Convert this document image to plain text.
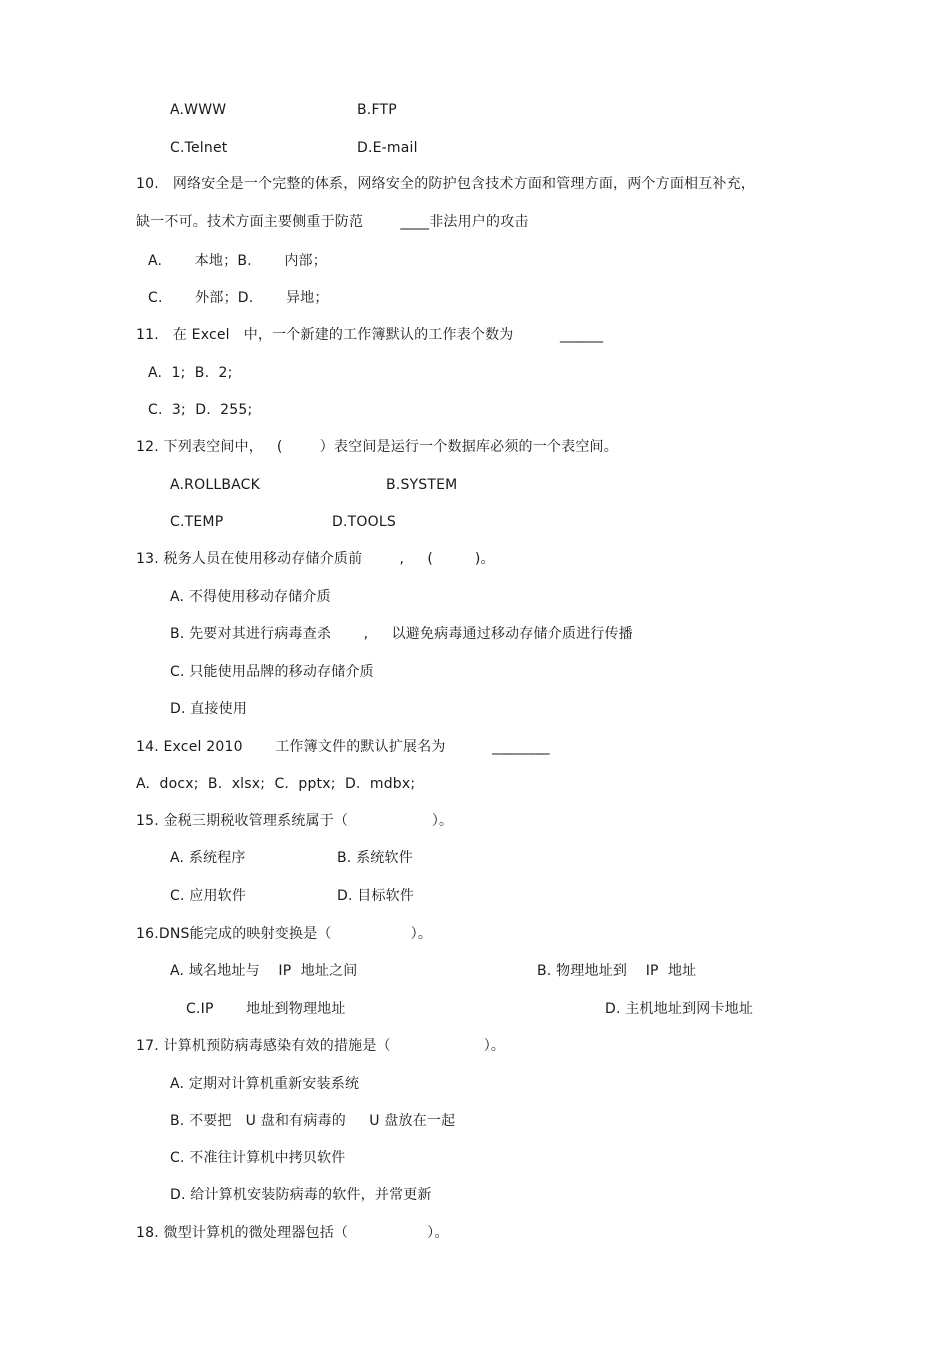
A.WWW	B.FTP
C.Telnet	D.E-mail
10.   网络安全是一个完整的体系，网络安全的防护包含技术方面和管理方面，两个方面相互补充，
缺一不可。技术方面主要侧重于防范        ____非法用户的攻击
A.       本地；B.       内部；
C.       外部；D.       异地；
11.   在 Excel   中，一个新建的工作簿默认的工作表个数为          ______
A.  1;  B.  2;
C.  3;  D.  255;
12. 下列表空间中，   (        ）表空间是运行一个数据库必须的一个表空间。
A.ROLLBACK	B.SYSTEM
C.TEMP	D.TOOLS
13. 税务人员在使用移动存储介质前        ,     (         )。
A. 不得使用移动存储介质
B. 先要对其进行病毒查杀       ,     以避免病毒通过移动存储介质进行传播
C. 只能使用品牌的移动存储介质
D. 直接使用
14. Excel 2010       工作簿文件的默认扩展名为          ________
A.  docx;  B.  xlsx;  C.  pptx;  D.  mdbx;
15. 金税三期税收管理系统属于（                  ）。
A. 系统程序	B. 系统软件
C. 应用软件	D. 目标软件
16.DNS能完成的映射变换是（                 ）。
A. 域名地址与    IP  地址之间	B. 物理地址到    IP  地址
C.IP       地址到物理地址	D. 主机地址到网卡地址
17. 计算机预防病毒感染有效的措施是（                    ）。
A. 定期对计算机重新安装系统
B. 不要把   U 盘和有病毒的     U 盘放在一起
C. 不准往计算机中拷贝软件
D. 给计算机安装防病毒的软件，并常更新
18. 微型计算机的微处理器包括（                 ）。
